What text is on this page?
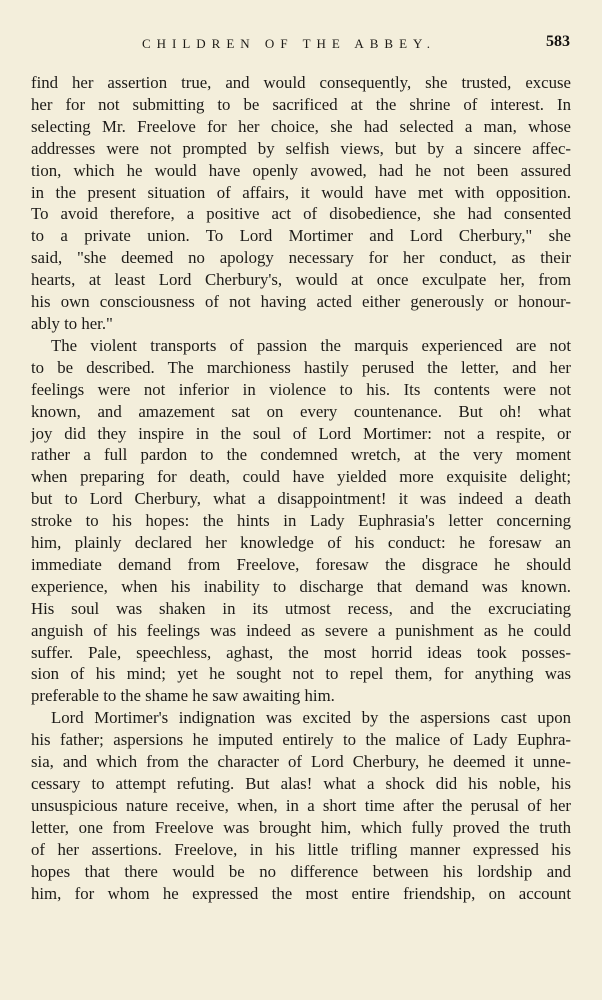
CHILDREN OF THE ABBEY.	583

find her assertion true, and would consequently, she trusted, excuse
her for not submitting to be sacrificed at the shrine of interest. In
selecting Mr. Freelove for her choice, she had selected a man, whose
addresses were not prompted by selfish views, but by a sincere affec-
tion, which he would have openly avowed, had he not been assured
in the present situation of affairs, it would have met with opposition.
To avoid therefore, a positive act of disobedience, she had consented
to a private union. To Lord Mortimer and Lord Cherbury," she
said, "she deemed no apology necessary for her conduct, as their
hearts, at least Lord Cherbury's, would at once exculpate her, from
his own consciousness of not having acted either generously or honour-
ably to her."

The violent transports of passion the marquis experienced are not
to be described. The marchioness hastily perused the letter, and her
feelings were not inferior in violence to his. Its contents were not
known, and amazement sat on every countenance. But oh! what
joy did they inspire in the soul of Lord Mortimer: not a respite, or
rather a full pardon to the condemned wretch, at the very moment
when preparing for death, could have yielded more exquisite delight;
but to Lord Cherbury, what a disappointment! it was indeed a death
stroke to his hopes: the hints in Lady Euphrasia's letter concerning
him, plainly declared her knowledge of his conduct: he foresaw an
immediate demand from Freelove, foresaw the disgrace he should
experience, when his inability to discharge that demand was known.
His soul was shaken in its utmost recess, and the excruciating
anguish of his feelings was indeed as severe a punishment as he could
suffer. Pale, speechless, aghast, the most horrid ideas took posses-
sion of his mind; yet he sought not to repel them, for anything was
preferable to the shame he saw awaiting him.

Lord Mortimer's indignation was excited by the aspersions cast upon
his father; aspersions he imputed entirely to the malice of Lady Euphra-
sia, and which from the character of Lord Cherbury, he deemed it unne-
cessary to attempt refuting. But alas! what a shock did his noble, his
unsuspicious nature receive, when, in a short time after the perusal of her
letter, one from Freelove was brought him, which fully proved the truth
of her assertions. Freelove, in his little trifling manner expressed his
hopes that there would be no difference between his lordship and
him, for whom he expressed the most entire friendship, on account
